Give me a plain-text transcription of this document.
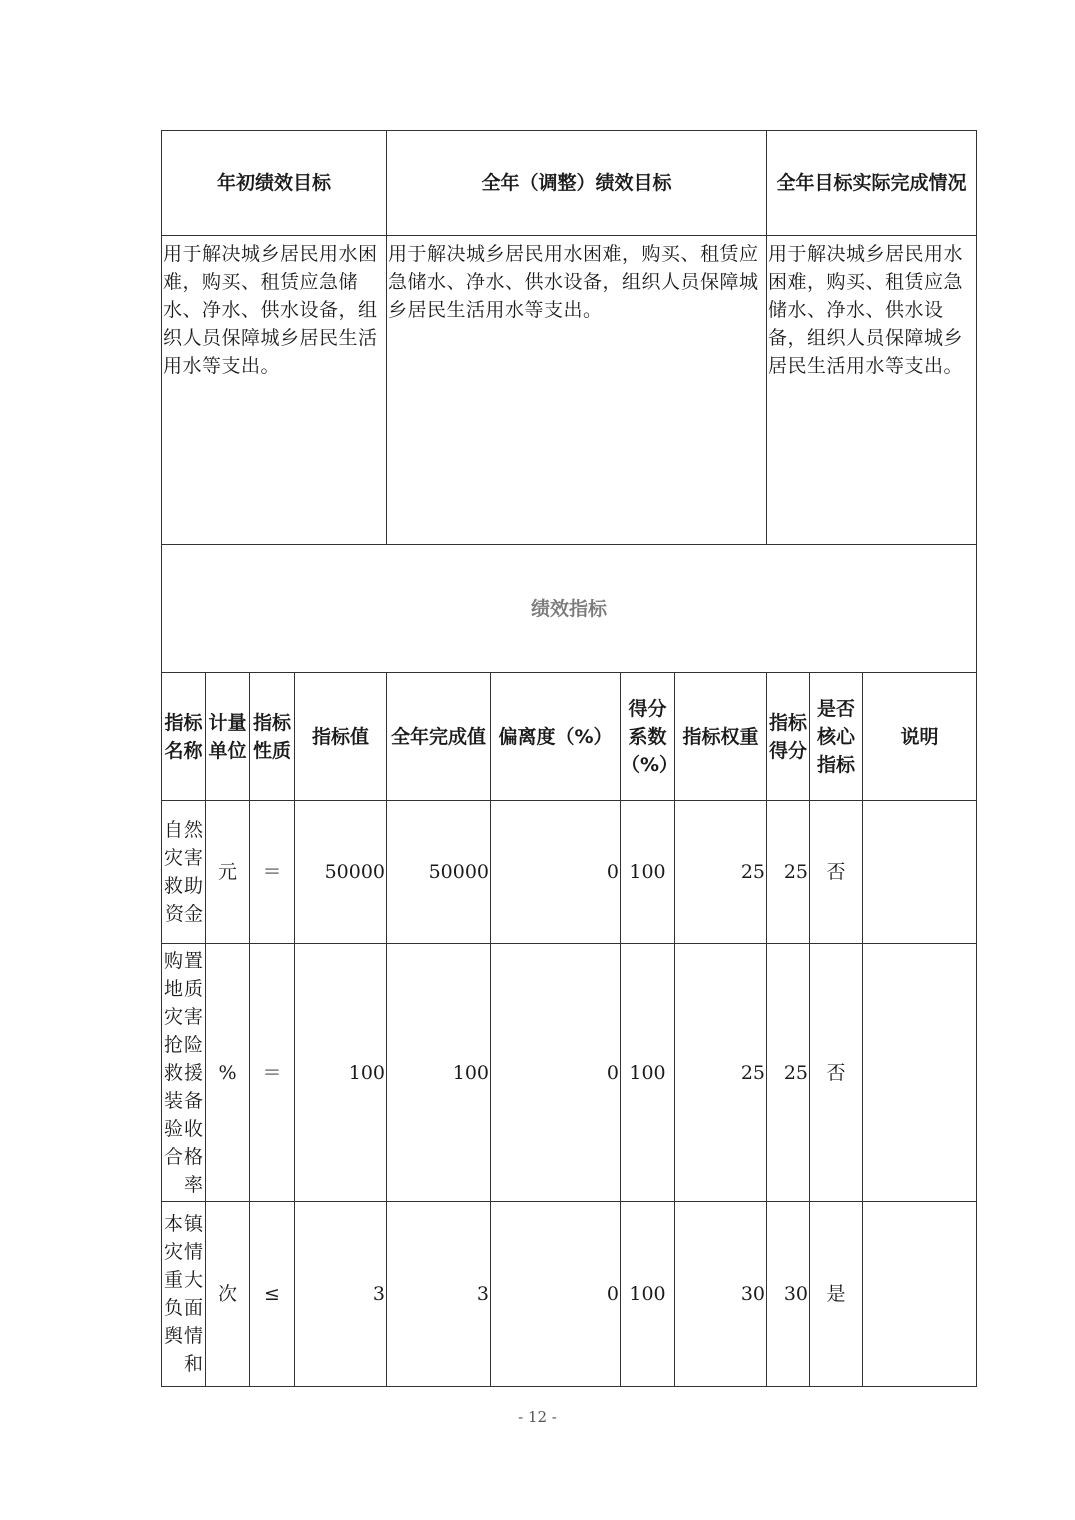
年初绩效目标				全年（调整）绩效目标				全年目标实际完成情况		
用于解决城乡居民用水困难，购买、租赁应急储水、净水、供水设备，组织人员保障城乡居民生活用水等支出。				用于解决城乡居民用水困难，购买、租赁应急储水、净水、供水设备，组织人员保障城乡居民生活用水等支出。				用于解决城乡居民用水困难，购买、租赁应急储水、净水、供水设备，组织人员保障城乡居民生活用水等支出。		
绩效指标										
指标名称	计量单位	指标性质	指标值	全年完成值	偏离度（%）	得分系数（%）	指标权重	指标得分	是否核心指标	说明
自然灾害救助资金	元	＝	50000	50000	0	100	25	25	否	
购置地质灾害抢险救援装备验收合格率	%	＝	100	100	0	100	25	25	否	
本镇灾情重大负面舆情和	次	≤	3	3	0	100	30	30	是	
- 12 -
